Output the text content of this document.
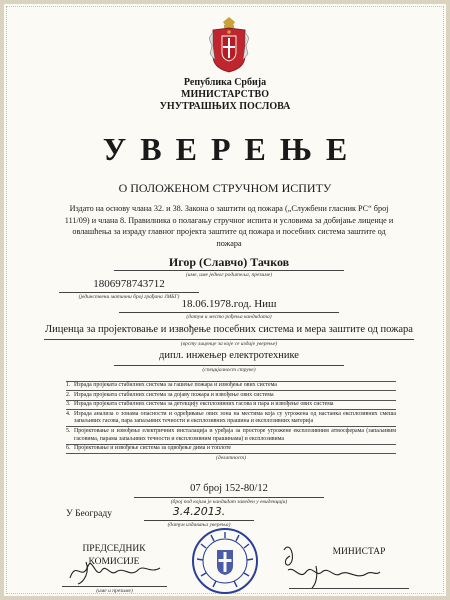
Република Србија
МИНИСТАРСТВО
УНУТРАШЊИХ ПОСЛОВА
УВЕРЕЊЕ
О ПОЛОЖЕНОМ СТРУЧНОМ ИСПИТУ
Издато на основу члана 32. и 38. Закона о заштити од пожара („Службени гласник РС“ број 111/09) и члана 8. Правилника о полагању стручног испита и условима за добијање лиценце и овлашћења за израду главног пројекта заштите од пожара и посебних система заштите од пожара
Игор (Славчо) Тачков
(име, име једног родитеља, презиме)
1806978743712
(јединствени матични број грађана ЈМБГ)
18.06.1978.год. Ниш
(датум и место рођења кандидата)
Лиценца за пројектовање и извођење посебних система и мера заштите од пожара
(врсту лиценце за које се издаје уверење)
дипл. инжењер електротехнике
(специјалност струке)
1. Израда пројеката стабилних система за гашење пожара и извођење ових система
2. Израда пројеката стабилних система за дојаву пожара и извођење ових система
3. Израда пројеката стабилних система за детекцију експлозивних гасова и пара и извођење ових система
4. Израда анализа о зонама опасности и одређивање ових зона на местима која су угрожена од настанка експлозивних смеша запаљивих гасова, пара запаљивих течности и експлозивних прашина и експлозивних материја
5. Пројектовање и извођење електричних инсталација и уређаја за просторе угрожене експлозивним атмосферама (запаљивим гасовима, парама запаљивих течности и експлозивним прашинама) и експлозивима
6. Пројектовање и извођење система за одвођење дима и топлоте
(делатност)
07 број 152-80/12
(број под којим је кандидат заведен у евиденцији)
У Београду	3.4.2013.
(датум издавања уверења)
ПРЕДСЕДНИК
КОМИСИЈЕ
(име и презиме)
МИНИСТАР
